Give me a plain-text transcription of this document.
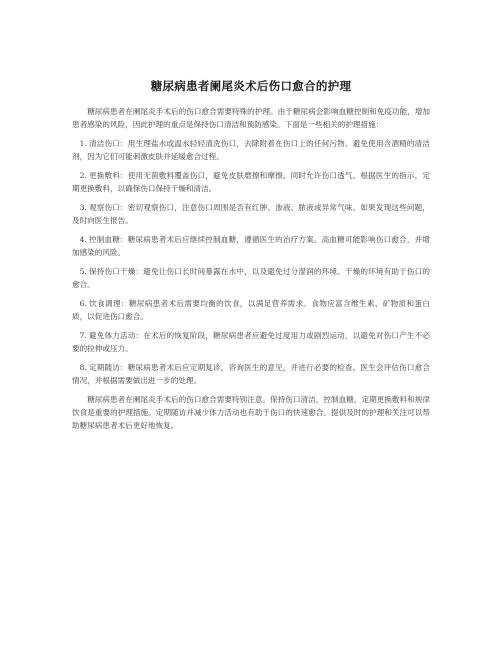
糖尿病患者阑尾炎术后伤口愈合的护理

糖尿病患者在阑尾炎手术后的伤口愈合需要特殊的护理。由于糖尿病会影响血糖控制和免疫功能，增加患者感染的风险，因此护理的重点是保持伤口清洁和预防感染。下面是一些相关的护理措施：

1. 清洁伤口：用生理盐水或温水轻轻清洗伤口，去除附着在伤口上的任何污物。避免使用含酒精的清洁剂，因为它们可能刺激皮肤并延缓愈合过程。

2. 更换敷料：使用无菌敷料覆盖伤口，避免皮肤磨擦和摩擦，同时允许伤口透气。根据医生的指示，定期更换敷料，以确保伤口保持干燥和清洁。

3. 观察伤口：密切观察伤口，注意伤口周围是否有红肿、渗液、脓液或异常气味。如果发现这些问题，及时向医生报告。

4. 控制血糖：糖尿病患者术后应继续控制血糖，遵循医生的治疗方案。高血糖可能影响伤口愈合，并增加感染的风险。

5. 保持伤口干燥：避免让伤口长时间暴露在水中，以及避免过分湿润的环境。干燥的环境有助于伤口的愈合。

6. 饮食调理：糖尿病患者术后需要均衡的饮食，以满足营养需求。食物应富含维生素、矿物质和蛋白质，以促进伤口愈合。

7. 避免体力活动：在术后的恢复阶段，糖尿病患者应避免过度用力或剧烈运动，以避免对伤口产生不必要的拉伸或压力。

8. 定期随访：糖尿病患者术后应定期复诊，咨询医生的意见，并进行必要的检查。医生会评估伤口愈合情况，并根据需要做出进一步的处理。

糖尿病患者在阑尾炎手术后的伤口愈合需要特别注意。保持伤口清洁，控制血糖，定期更换敷料和规律饮食是重要的护理措施。定期随访并减少体力活动也有助于伤口的快速愈合。提供及时的护理和关注可以帮助糖尿病患者术后更好地恢复。
